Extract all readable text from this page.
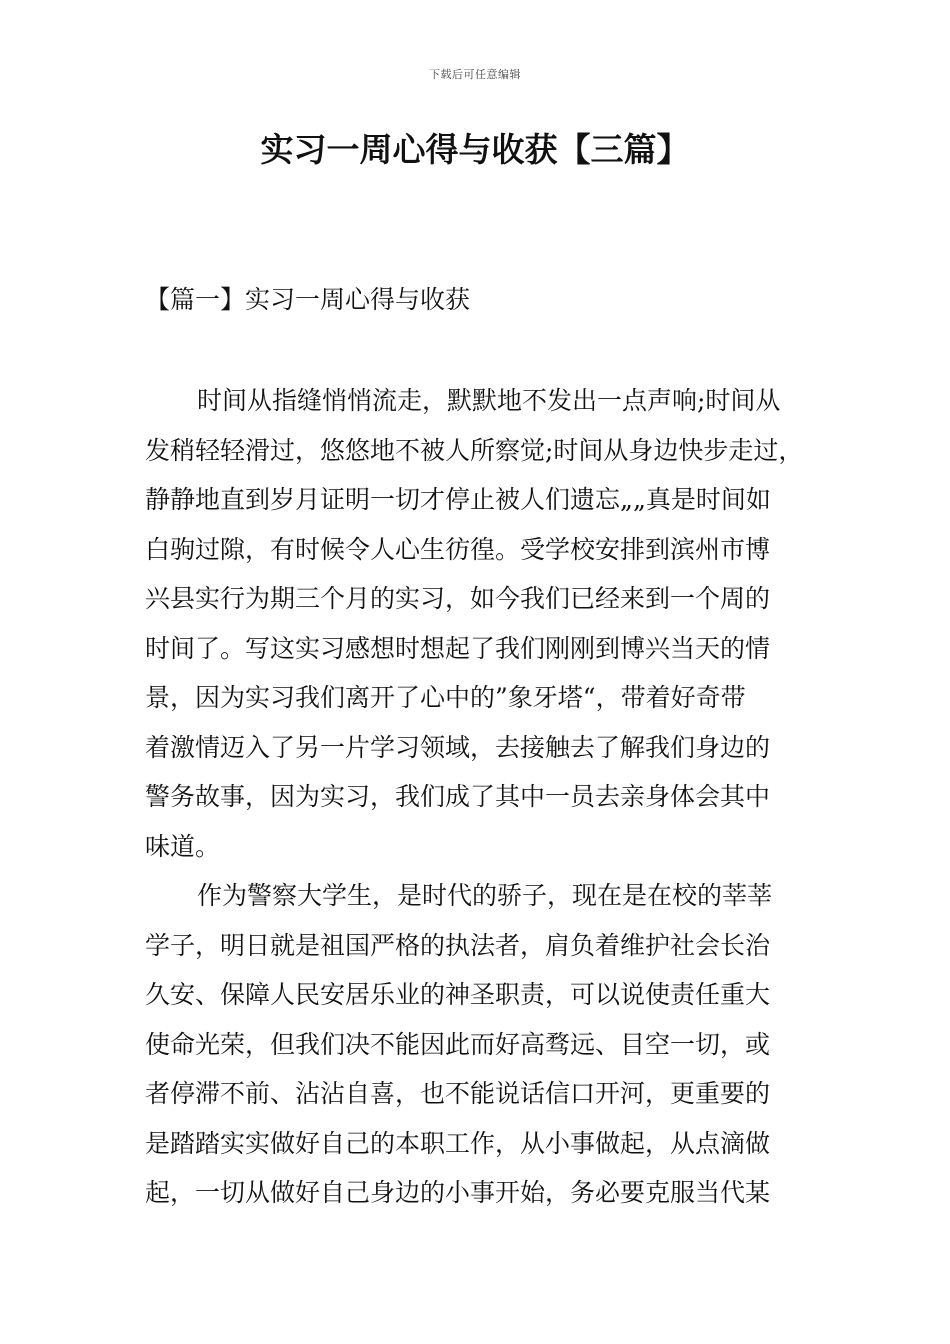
下载后可任意编辑
实习一周心得与收获【三篇】
【篇一】实习一周心得与收获
时间从指缝悄悄流走，默默地不发出一点声响;时间从
发稍轻轻滑过，悠悠地不被人所察觉;时间从身边快步走过，
静静地直到岁月证明一切才停止被人们遗忘„„真是时间如
白驹过隙，有时候令人心生彷徨。受学校安排到滨州市博
兴县实行为期三个月的实习，如今我们已经来到一个周的
时间了。写这实习感想时想起了我们刚刚到博兴当天的情
景，因为实习我们离开了心中的”象牙塔“，带着好奇带
着激情迈入了另一片学习领域，去接触去了解我们身边的
警务故事，因为实习，我们成了其中一员去亲身体会其中
味道。
作为警察大学生，是时代的骄子，现在是在校的莘莘
学子，明日就是祖国严格的执法者，肩负着维护社会长治
久安、保障人民安居乐业的神圣职责，可以说使责任重大
使命光荣，但我们决不能因此而好高骛远、目空一切，或
者停滞不前、沾沾自喜，也不能说话信口开河，更重要的
是踏踏实实做好自己的本职工作，从小事做起，从点滴做
起，一切从做好自己身边的小事开始，务必要克服当代某
